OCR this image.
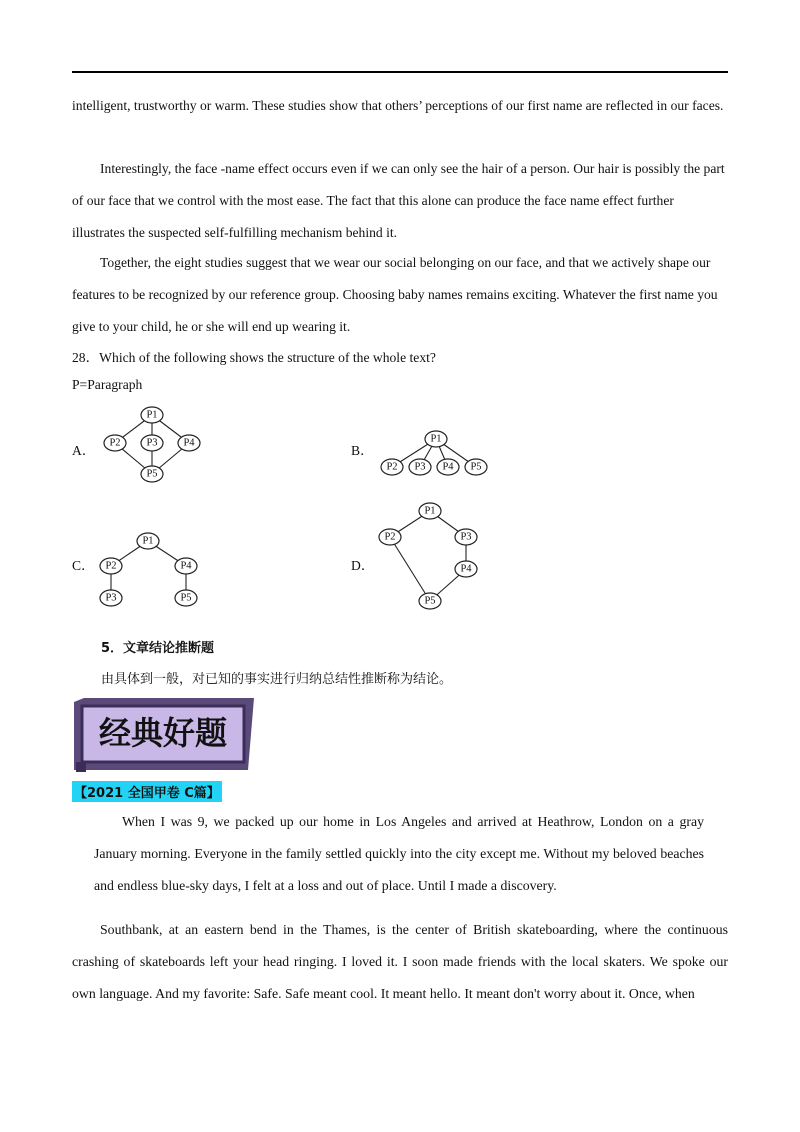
intelligent, trustworthy or warm. These studies show that others’ perceptions of our first name are reflected in our faces.

Interestingly, the face -name effect occurs even if we can only see the hair of a person. Our hair is possibly the part of our face that we control with the most ease. The fact that this alone can produce the face name effect further illustrates the suspected self-fulfilling mechanism behind it.

Together, the eight studies suggest that we wear our social belonging on our face, and that we actively shape our features to be recognized by our reference group. Choosing baby names remains exciting. Whatever the first name you give to your child, he or she will end up wearing it.

28．Which of the following shows the structure of the whole text?
P=Paragraph
A．
P1
P2 P3 P4
P5
B．
P1
P2 P3 P4 P5
C．
P1
P2	P4
P3	P5
D．
P1
P2	P3
P4
P5
5．文章结论推断题
由具体到一般，对已知的事实进行归纳总结性推断称为结论。
经典好题
【2021 全国甲卷 C篇】

When I was 9, we packed up our home in Los Angeles and arrived at Heathrow, London on a gray January morning. Everyone in the family settled quickly into the city except me. Without my beloved beaches and endless blue-sky days, I felt at a loss and out of place. Until I made a discovery.

Southbank, at an eastern bend in the Thames, is the center of British skateboarding, where the continuous crashing of skateboards left your head ringing. I loved it. I soon made friends with the local skaters. We spoke our own language. And my favorite: Safe. Safe meant cool. It meant hello. It meant don't worry about it. Once, when
